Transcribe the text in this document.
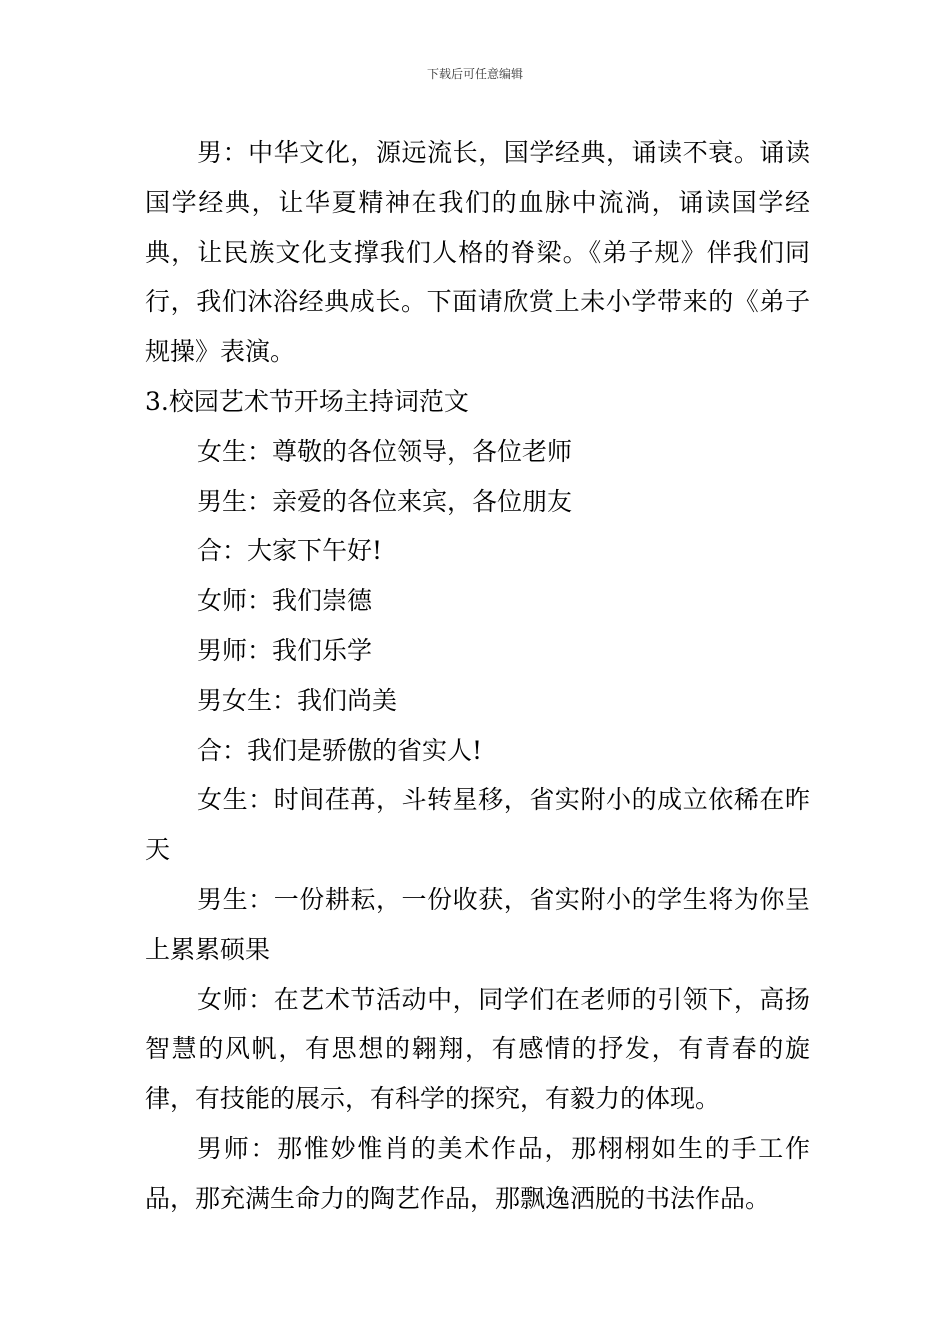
下载后可任意编辑

男：中华文化，源远流长，国学经典，诵读不衰。诵读国学经典，让华夏精神在我们的血脉中流淌，诵读国学经典，让民族文化支撑我们人格的脊梁。《弟子规》伴我们同行，我们沐浴经典成长。下面请欣赏上未小学带来的《弟子规操》表演。

3.校园艺术节开场主持词范文

女生：尊敬的各位领导，各位老师

男生：亲爱的各位来宾，各位朋友

合：大家下午好!

女师：我们崇德

男师：我们乐学

男女生：我们尚美

合：我们是骄傲的省实人!

女生：时间荏苒，斗转星移，省实附小的成立依稀在昨天

男生：一份耕耘，一份收获，省实附小的学生将为你呈上累累硕果

女师：在艺术节活动中，同学们在老师的引领下，高扬智慧的风帆，有思想的翱翔，有感情的抒发，有青春的旋律，有技能的展示，有科学的探究，有毅力的体现。

男师：那惟妙惟肖的美术作品，那栩栩如生的手工作品，那充满生命力的陶艺作品，那飘逸洒脱的书法作品。
